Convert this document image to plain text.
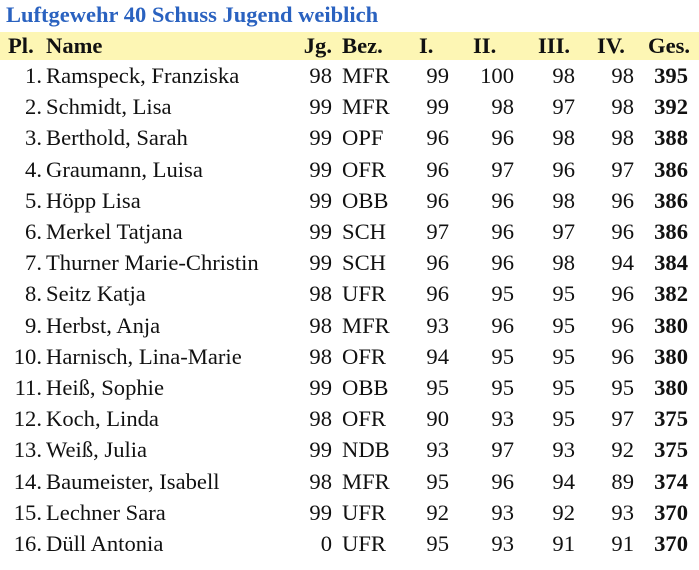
Luftgewehr 40 Schuss Jugend weiblich
Pl.	Name	Jg.	Bez.	I.	II.	III.	IV.	Ges.
1.	Ramspeck, Franziska	98	MFR	99	100	98	98	395
2.	Schmidt, Lisa	99	MFR	99	98	97	98	392
3.	Berthold, Sarah	99	OPF	96	96	98	98	388
4.	Graumann, Luisa	99	OFR	96	97	96	97	386
5.	Höpp Lisa	99	OBB	96	96	98	96	386
6.	Merkel Tatjana	99	SCH	97	96	97	96	386
7.	Thurner Marie-Christin	99	SCH	96	96	98	94	384
8.	Seitz Katja	98	UFR	96	95	95	96	382
9.	Herbst, Anja	98	MFR	93	96	95	96	380
10.	Harnisch, Lina-Marie	98	OFR	94	95	95	96	380
11.	Heiß, Sophie	99	OBB	95	95	95	95	380
12.	Koch, Linda	98	OFR	90	93	95	97	375
13.	Weiß, Julia	99	NDB	93	97	93	92	375
14.	Baumeister, Isabell	98	MFR	95	96	94	89	374
15.	Lechner Sara	99	UFR	92	93	92	93	370
16.	Düll Antonia	0	UFR	95	93	91	91	370
